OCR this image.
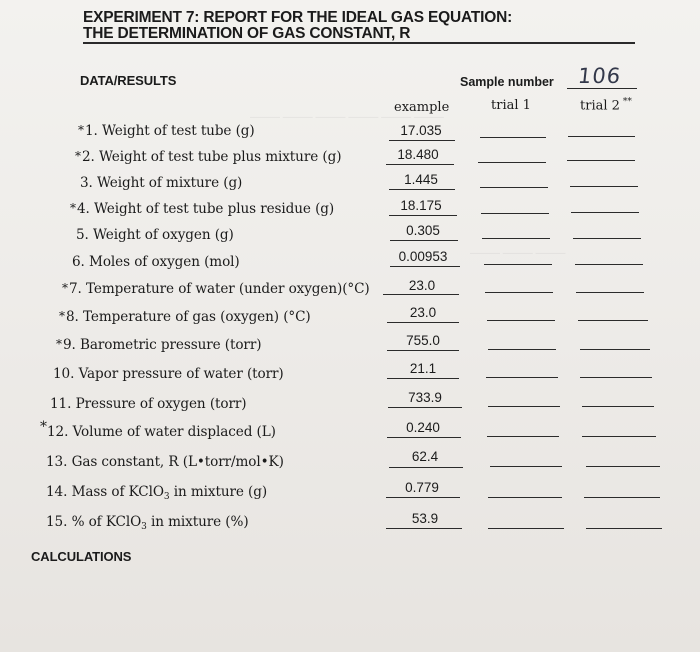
EXPERIMENT 7: REPORT FOR THE IDEAL GAS EQUATION:
THE DETERMINATION OF GAS CONSTANT, R
DATA/RESULTS	Sample number 106
example	trial 1	trial 2 **
——— ——— ——— ——— ——— ———
——— ——— ———
* 1. Weight of test tube (g)	17.035
* 2. Weight of test tube plus mixture (g)	18.480
3. Weight of mixture (g)	1.445
* 4. Weight of test tube plus residue (g)	18.175
5. Weight of oxygen (g)	0.305
6. Moles of oxygen (mol)	0.00953
* 7. Temperature of water (under oxygen)(°C)	23.0
* 8. Temperature of gas (oxygen) (°C)	23.0
* 9. Barometric pressure (torr)	755.0
10. Vapor pressure of water (torr)	21.1
11. Pressure of oxygen (torr)	733.9
* 12. Volume of water displaced (L)	0.240
13. Gas constant, R (L•torr/mol•K)	62.4
14. Mass of KClO$_3$ in mixture (g)	0.779
15. % of KClO$_3$ in mixture (%)	53.9
CALCULATIONS
